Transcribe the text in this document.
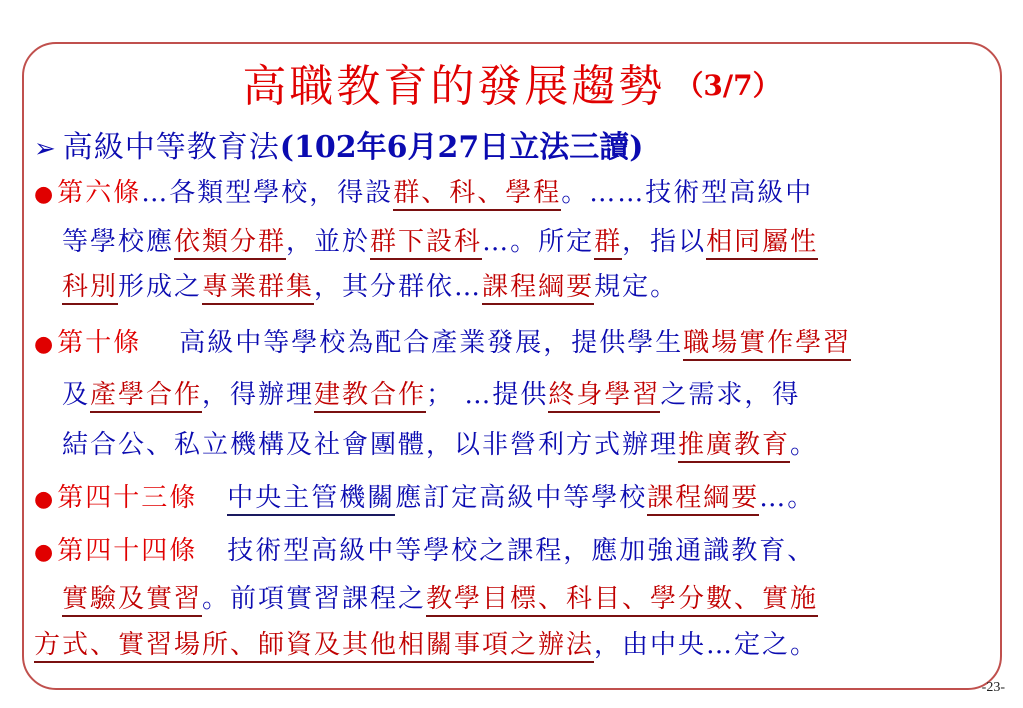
高職教育的發展趨勢 （3/7）
➢ 高級中等教育法(102年6月27日立法三讀)
●第六條…各類型學校，得設群、科、學程。……技術型高級中
等學校應依類分群，並於群下設科…。所定群，指以相同屬性
科別形成之專業群集，其分群依…課程綱要規定。
●第十條 高級中等學校為配合產業發展，提供學生職場實作學習
及產學合作，得辦理建教合作； …提供終身學習之需求，得
結合公、私立機構及社會團體，以非營利方式辦理推廣教育。
●第四十三條 中央主管機關應訂定高級中等學校課程綱要…。
●第四十四條 技術型高級中等學校之課程，應加強通識教育、
實驗及實習。前項實習課程之教學目標、科目、學分數、實施
方式、實習場所、師資及其他相關事項之辦法，由中央…定之。
-23-
